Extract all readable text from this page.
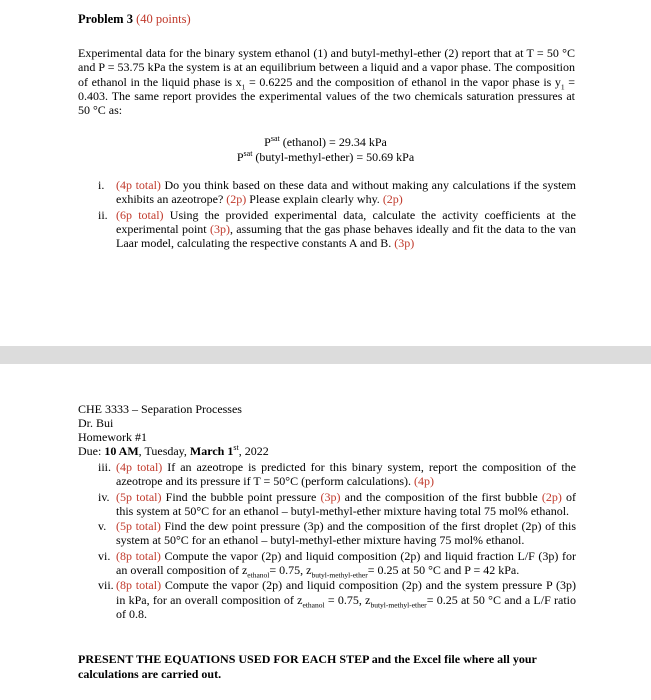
Problem 3 (40 points)
Experimental data for the binary system ethanol (1) and butyl-methyl-ether (2) report that at T = 50 °C and P = 53.75 kPa the system is at an equilibrium between a liquid and a vapor phase. The composition of ethanol in the liquid phase is $x_1 = 0.6225$ and the composition of ethanol in the vapor phase is $y_1 = 0.403$. The same report provides the experimental values of the two chemicals saturation pressures at 50 °C as:
$P^{sat}$ (ethanol) = 29.34 kPa
$P^{sat}$ (butyl-methyl-ether) = 50.69 kPa
i. (4p total) Do you think based on these data and without making any calculations if the system exhibits an azeotrope? (2p) Please explain clearly why. (2p)
ii. (6p total) Using the provided experimental data, calculate the activity coefficients at the experimental point (3p), assuming that the gas phase behaves ideally and fit the data to the van Laar model, calculating the respective constants A and B. (3p)
CHE 3333 – Separation Processes
Dr. Bui
Homework #1
Due: 10 AM, Tuesday, March 1st, 2022
iii. (4p total) If an azeotrope is predicted for this binary system, report the composition of the azeotrope and its pressure if T = 50°C (perform calculations). (4p)
iv. (5p total) Find the bubble point pressure (3p) and the composition of the first bubble (2p) of this system at 50°C for an ethanol – butyl-methyl-ether mixture having total 75 mol% ethanol.
v. (5p total) Find the dew point pressure (3p) and the composition of the first droplet (2p) of this system at 50°C for an ethanol – butyl-methyl-ether mixture having 75 mol% ethanol.
vi. (8p total) Compute the vapor (2p) and liquid composition (2p) and liquid fraction L/F (3p) for an overall composition of $z_{ethanol}= 0.75$, $z_{butyl-methyl-ether}= 0.25$ at 50 °C and P = 42 kPa.
vii. (8p total) Compute the vapor (2p) and liquid composition (2p) and the system pressure P (3p) in kPa, for an overall composition of $z_{ethanol} = 0.75$, $z_{butyl-methyl-ether}= 0.25$ at 50 °C and a L/F ratio of 0.8.
PRESENT THE EQUATIONS USED FOR EACH STEP and the Excel file where all your calculations are carried out.
